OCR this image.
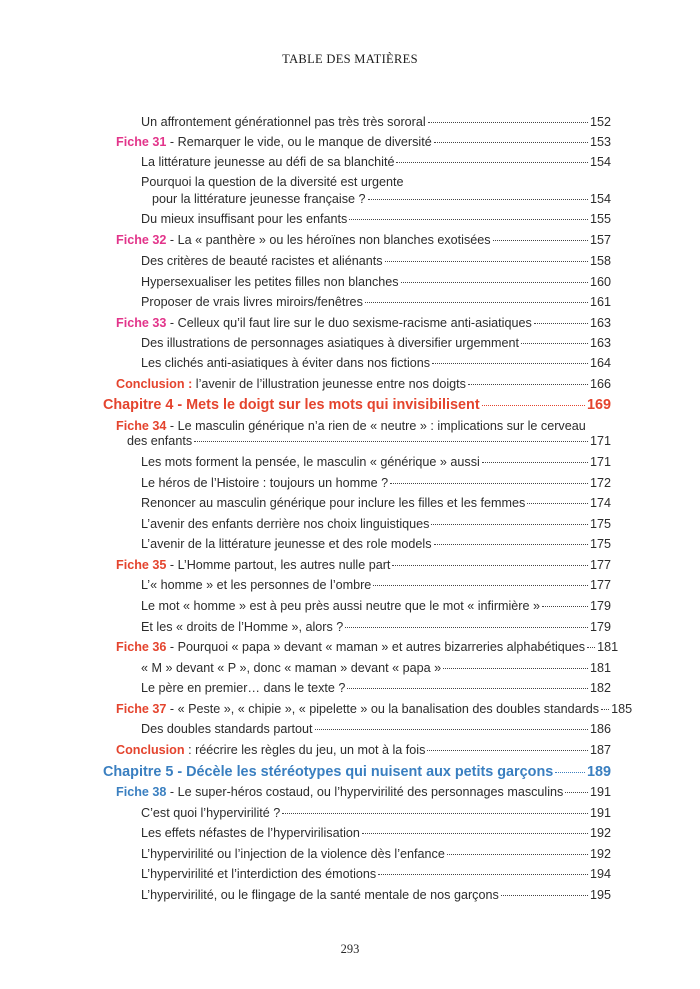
TABLE DES MATIÈRES
Un affrontement générationnel pas très très sororal	152
Fiche 31 - Remarquer le vide, ou le manque de diversité	153
La littérature jeunesse au défi de sa blanchité	154
Pourquoi la question de la diversité est urgente
pour la littérature jeunesse française ?	154
Du mieux insuffisant pour les enfants	155
Fiche 32 - La « panthère » ou les héroïnes non blanches exotisées	157
Des critères de beauté racistes et aliénants	158
Hypersexualiser les petites filles non blanches	160
Proposer de vrais livres miroirs/fenêtres	161
Fiche 33 - Celleux qu’il faut lire sur le duo sexisme-racisme anti-asiatiques	163
Des illustrations de personnages asiatiques à diversifier urgemment	163
Les clichés anti-asiatiques à éviter dans nos fictions	164
Conclusion : l’avenir de l’illustration jeunesse entre nos doigts	166
Chapitre 4 - Mets le doigt sur les mots qui invisibilisent	169
Fiche 34 - Le masculin générique n’a rien de « neutre » : implications sur le cerveau
des enfants	171
Les mots forment la pensée, le masculin « générique » aussi	171
Le héros de l’Histoire : toujours un homme ?	172
Renoncer au masculin générique pour inclure les filles et les femmes	174
L’avenir des enfants derrière nos choix linguistiques	175
L’avenir de la littérature jeunesse et des role models	175
Fiche 35 - L’Homme partout, les autres nulle part	177
L’« homme » et les personnes de l’ombre	177
Le mot « homme » est à peu près aussi neutre que le mot « infirmière »	179
Et les « droits de l’Homme », alors ?	179
Fiche 36 - Pourquoi « papa » devant « maman » et autres bizarreries alphabétiques 181
« M » devant « P », donc « maman » devant « papa »	181
Le père en premier… dans le texte ?	182
Fiche 37 - « Peste », « chipie », « pipelette » ou la banalisation des doubles standards 185
Des doubles standards partout	186
Conclusion : réécrire les règles du jeu, un mot à la fois	187
Chapitre 5 - Décèle les stéréotypes qui nuisent aux petits garçons 189
Fiche 38 - Le super-héros costaud, ou l’hypervirilité des personnages masculins 191
C’est quoi l’hypervirilité ?	191
Les effets néfastes de l’hypervirilisation	192
L’hypervirilité ou l’injection de la violence dès l’enfance	192
L’hypervirilité et l’interdiction des émotions	194
L’hypervirilité, ou le flingage de la santé mentale de nos garçons	195
293
